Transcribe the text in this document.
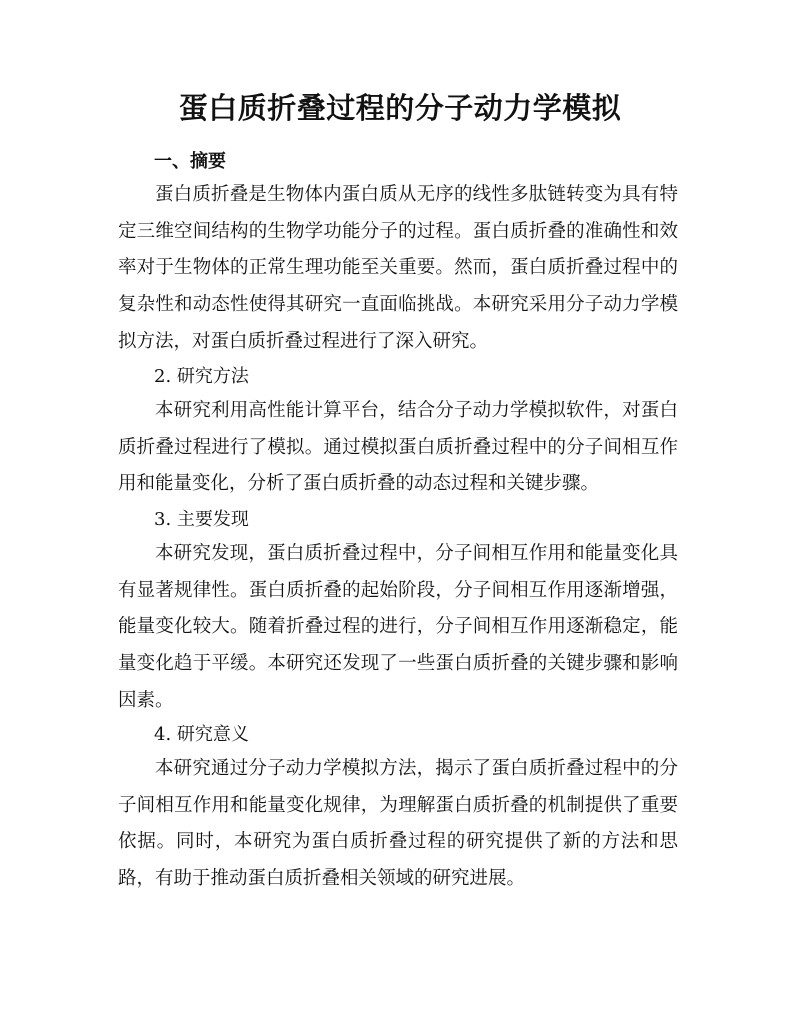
蛋白质折叠过程的分子动力学模拟
一、摘要

蛋白质折叠是生物体内蛋白质从无序的线性多肽链转变为具有特定三维空间结构的生物学功能分子的过程。蛋白质折叠的准确性和效率对于生物体的正常生理功能至关重要。然而，蛋白质折叠过程中的复杂性和动态性使得其研究一直面临挑战。本研究采用分子动力学模拟方法，对蛋白质折叠过程进行了深入研究。

2. 研究方法

本研究利用高性能计算平台，结合分子动力学模拟软件，对蛋白质折叠过程进行了模拟。通过模拟蛋白质折叠过程中的分子间相互作用和能量变化，分析了蛋白质折叠的动态过程和关键步骤。

3. 主要发现

本研究发现，蛋白质折叠过程中，分子间相互作用和能量变化具有显著规律性。蛋白质折叠的起始阶段，分子间相互作用逐渐增强，能量变化较大。随着折叠过程的进行，分子间相互作用逐渐稳定，能量变化趋于平缓。本研究还发现了一些蛋白质折叠的关键步骤和影响因素。

4. 研究意义

本研究通过分子动力学模拟方法，揭示了蛋白质折叠过程中的分子间相互作用和能量变化规律，为理解蛋白质折叠的机制提供了重要依据。同时，本研究为蛋白质折叠过程的研究提供了新的方法和思路，有助于推动蛋白质折叠相关领域的研究进展。
